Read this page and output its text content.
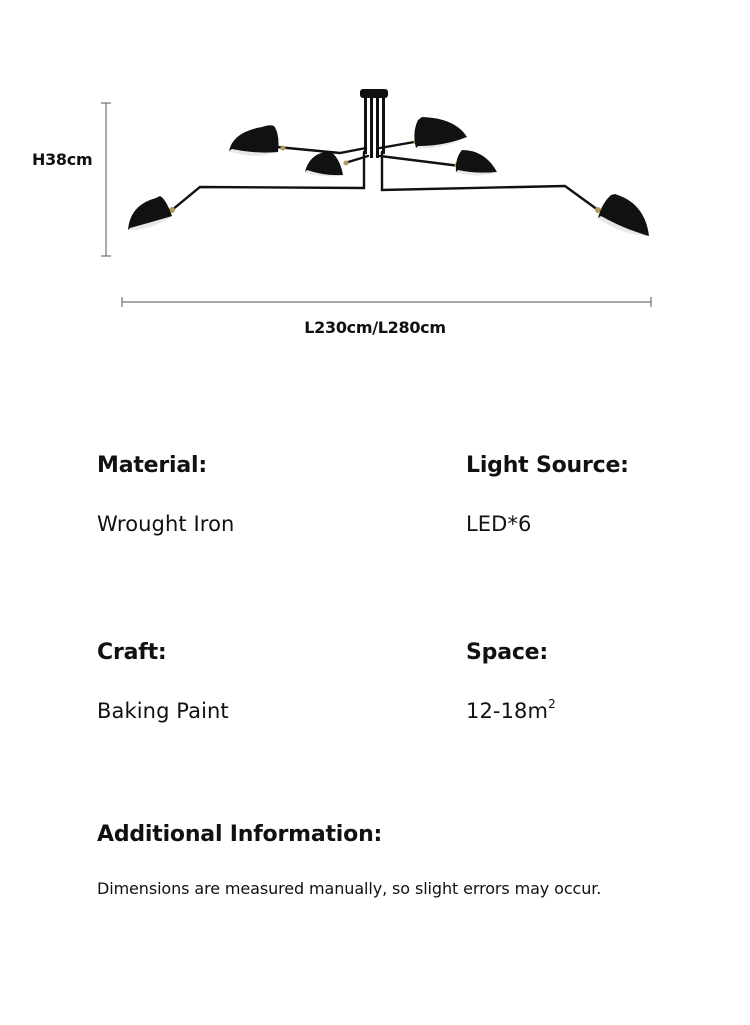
H38cm
L230cm/L280cm
Material:
Wrought Iron
Light Source:
LED*6
Craft:
Baking Paint
Space:
$12-18m^2$
Additional Information:
Dimensions are measured manually, so slight errors may occur.
